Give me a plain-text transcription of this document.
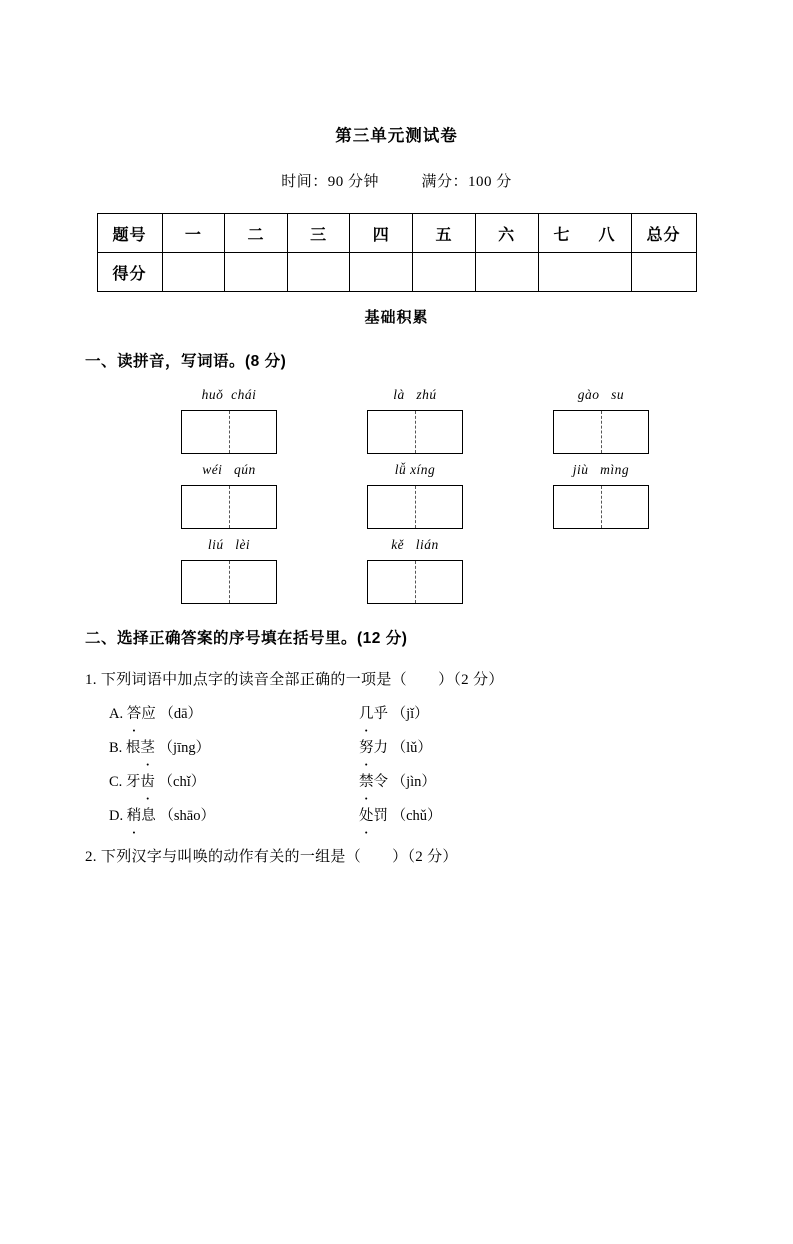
第三单元测试卷
时间：90 分钟	满分：100 分
题号	一	二	三	四	五	六	七 八	总分
得分								
基础积累
一、读拼音，写词语。(8 分)
huǒ  chái	là   zhú	gào   su
wéi   qún	lǚ xíng	jiù   mìng
liú   lèi	kě   lián
二、选择正确答案的序号填在括号里。(12 分)
1. 下列词语中加点字的读音全部正确的一项是（ ）（2 分）
A. 答应 （dā）	几乎 （jǐ）
B. 根茎 （jīng）	努力 （lǔ）
C. 牙齿 （chǐ）	禁令 （jìn）
D. 稍息 （shāo）	处罚 （chǔ）
2. 下列汉字与叫唤的动作有关的一组是（ ）（2 分）
